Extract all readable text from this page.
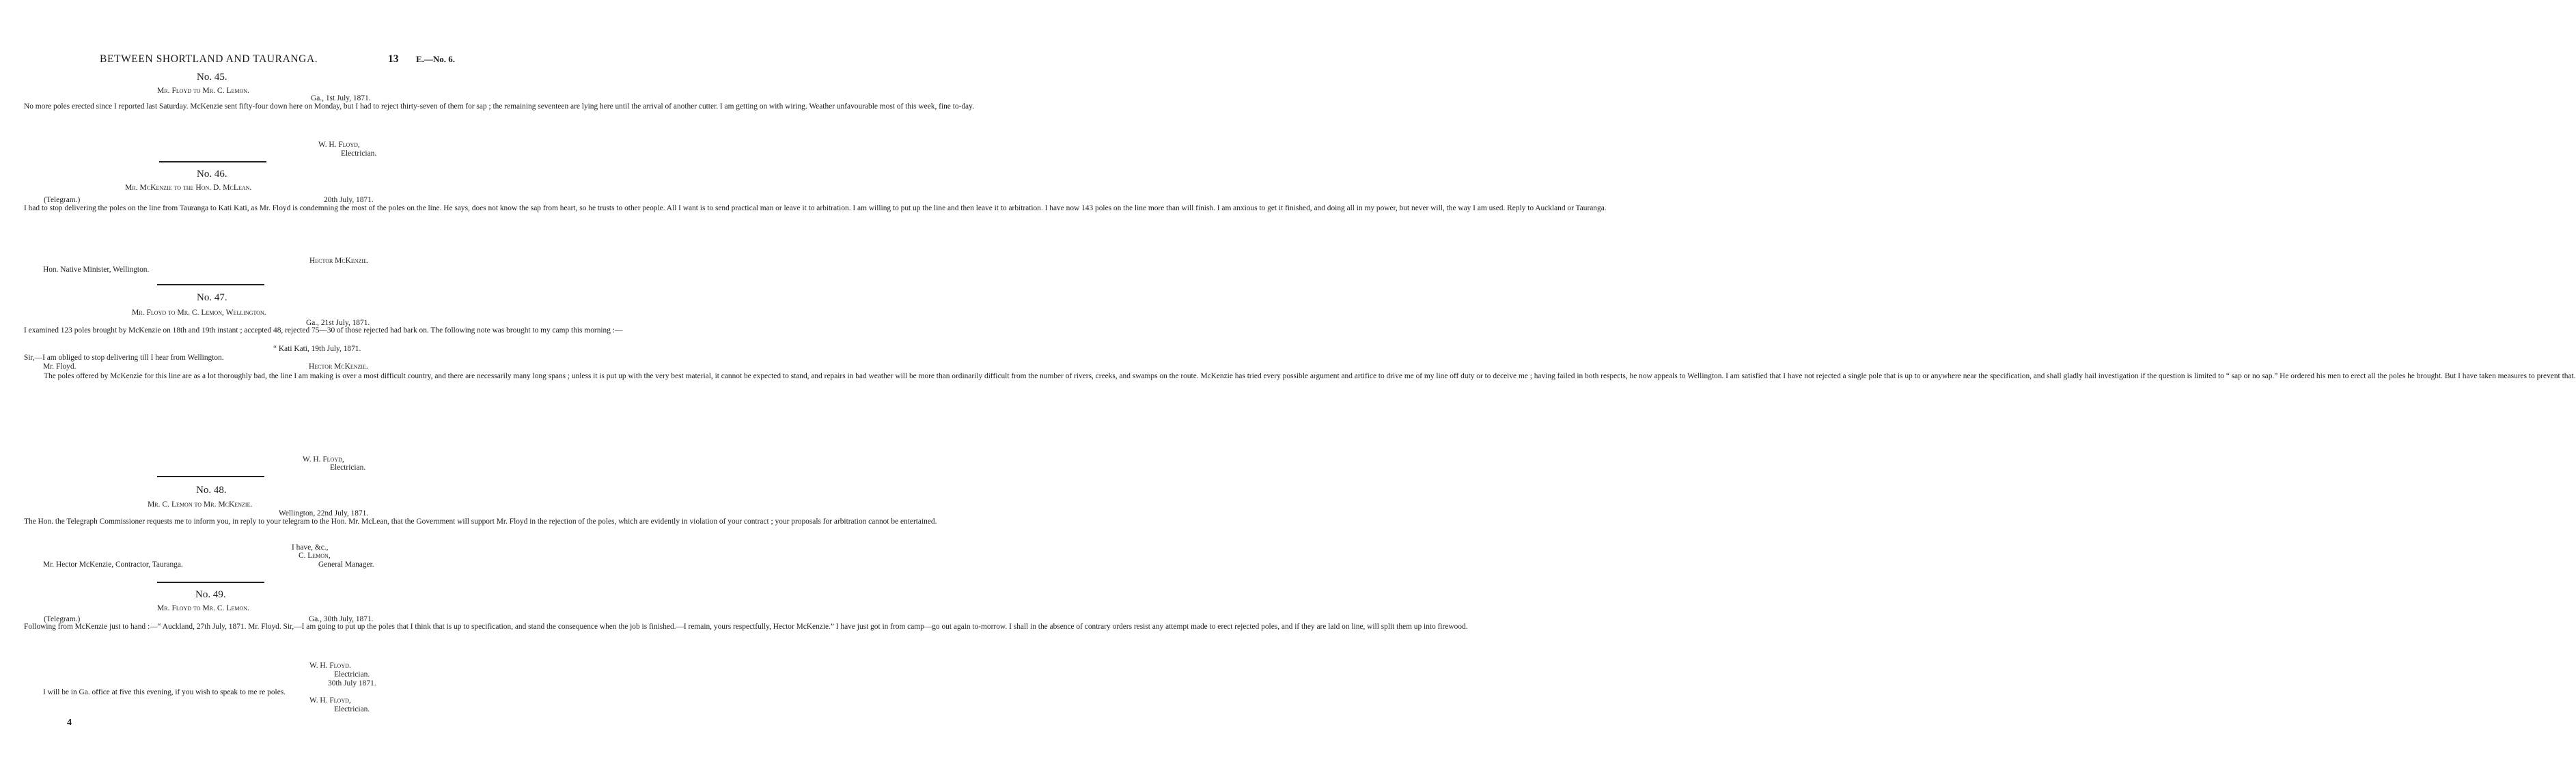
BETWEEN SHORTLAND AND TAURANGA.	13 E.—No. 6.
No. 45.
Mr. Floyd to Mr. C. Lemon.
Ga., 1st July, 1871.

No more poles erected since I reported last Saturday. McKenzie sent fifty-four down here on Monday, but I had to reject thirty-seven of them for sap ; the remaining seventeen are lying here until the arrival of another cutter. I am getting on with wiring. Weather unfavourable most of this week, fine to-day.

W. H. Floyd,
Electrician.
No. 46.
Mr. McKenzie to the Hon. D. McLean.
(Telegram.)	20th July, 1871.

I had to stop delivering the poles on the line from Tauranga to Kati Kati, as Mr. Floyd is condemning the most of the poles on the line. He says, does not know the sap from heart, so he trusts to other people. All I want is to send practical man or leave it to arbitration. I am willing to put up the line and then leave it to arbitration. I have now 143 poles on the line more than will finish. I am anxious to get it finished, and doing all in my power, but never will, the way I am used. Reply to Auckland or Tauranga.

Hector McKenzie.
Hon. Native Minister, Wellington.
No. 47.
Mr. Floyd to Mr. C. Lemon, Wellington.
Ga., 21st July, 1871.

I examined 123 poles brought by McKenzie on 18th and 19th instant ; accepted 48, rejected 75—30 of those rejected had bark on. The following note was brought to my camp this morning :—

“ Kati Kati, 19th July, 1871.
Sir,—I am obliged to stop delivering till I hear from Wellington.
Mr. Floyd.	Hector McKenzie.

The poles offered by McKenzie for this line are as a lot thoroughly bad, the line I am making is over a most difficult country, and there are necessarily many long spans ; unless it is put up with the very best material, it cannot be expected to stand, and repairs in bad weather will be more than ordinarily difficult from the number of rivers, creeks, and swamps on the route. McKenzie has tried every possible argument and artifice to drive me of my line off duty or to deceive me ; having failed in both respects, he now appeals to Wellington. I am satisfied that I have not rejected a single pole that is up to or anywhere near the specification, and shall gladly hail investigation if the question is limited to “ sap or no sap.” He ordered his men to erect all the poles he brought. But I have taken measures to prevent that.

W. H. Floyd,
Electrician.
No. 48.
Mr. C. Lemon to Mr. McKenzie.
Wellington, 22nd July, 1871.

The Hon. the Telegraph Commissioner requests me to inform you, in reply to your telegram to the Hon. Mr. McLean, that the Government will support Mr. Floyd in the rejection of the poles, which are evidently in violation of your contract ; your proposals for arbitration cannot be entertained.

I have, &c.,
C. Lemon,
Mr. Hector McKenzie, Contractor, Tauranga.	General Manager.
No. 49.
Mr. Floyd to Mr. C. Lemon.
(Telegram.)	Ga., 30th July, 1871.

Following from McKenzie just to hand :—“ Auckland, 27th July, 1871. Mr. Floyd. Sir,—I am going to put up the poles that I think that is up to specification, and stand the consequence when the job is finished.—I remain, yours respectfully, Hector McKenzie.” I have just got in from camp—go out again to-morrow. I shall in the absence of contrary orders resist any attempt made to erect rejected poles, and if they are laid on line, will split them up into firewood.

W. H. Floyd.
Electrician.
30th July 1871.
I will be in Ga. office at five this evening, if you wish to speak to me re poles.
W. H. Floyd,
Electrician.
4
